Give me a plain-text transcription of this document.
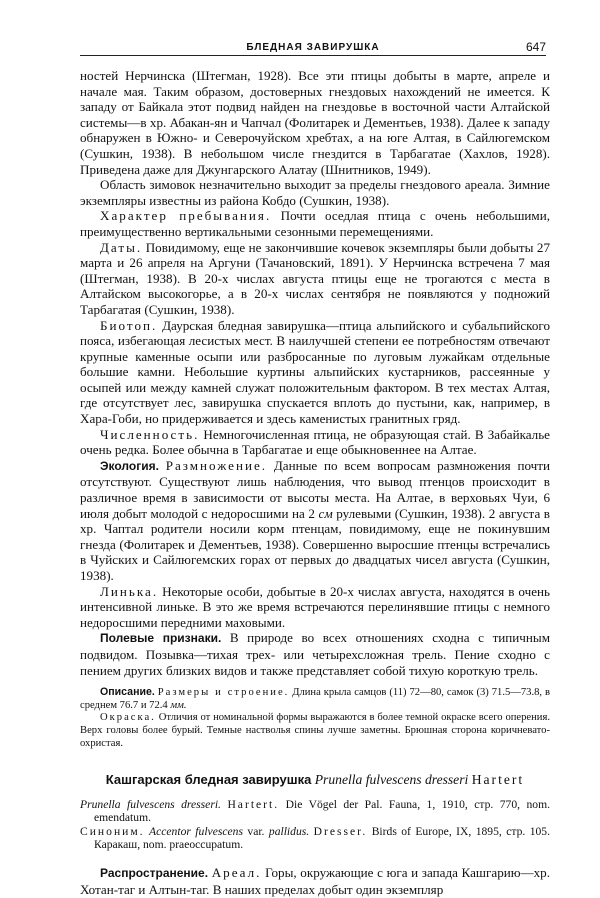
БЛЕДНАЯ ЗАВИРУШКА	647

ностей Нерчинска (Штегман, 1928). Все эти птицы добыты в марте, апреле и начале мая. Таким образом, достоверных гнездовых нахождений не имеется. К западу от Байкала этот подвид найден на гнездовье в восточной части Алтайской системы—в хр. Абакан-ян и Чапчал (Фолитарек и Дементьев, 1938). Далее к западу обнаружен в Южно- и Северочуйском хребтах, а на юге Алтая, в Сайлюгемском (Сушкин, 1938). В небольшом числе гнездится в Тарбагатае (Хахлов, 1928). Приведена даже для Джунгарского Алатау (Шнитников, 1949).

Область зимовок незначительно выходит за пределы гнездового ареала. Зимние экземпляры известны из района Кобдо (Сушкин, 1938).

Характер пребывания. Почти оседлая птица с очень небольшими, преимущественно вертикальными сезонными перемещениями.

Даты. Повидимому, еще не закончившие кочевок экземпляры были добыты 27 марта и 26 апреля на Аргуни (Тачановский, 1891). У Нерчинска встречена 7 мая (Штегман, 1938). В 20-х числах августа птицы еще не трогаются с места в Алтайском высокогорье, а в 20-х числах сентября не появляются у подножий Тарбагатая (Сушкин, 1938).

Биотоп. Даурская бледная завирушка—птица альпийского и субальпийского пояса, избегающая лесистых мест. В наилучшей степени ее потребностям отвечают крупные каменные осыпи или разбросанные по луговым лужайкам отдельные большие камни. Небольшие куртины альпийских кустарников, рассеянные у осыпей или между камней служат положительным фактором. В тех местах Алтая, где отсутствует лес, завирушка спускается вплоть до пустыни, как, например, в Хара-Гоби, но придерживается и здесь каменистых гранитных гряд.

Численность. Немногочисленная птица, не образующая стай. В Забайкалье очень редка. Более обычна в Тарбагатае и еще обыкновеннее на Алтае.

Экология. Размножение. Данные по всем вопросам размножения почти отсутствуют. Существуют лишь наблюдения, что вывод птенцов происходит в различное время в зависимости от высоты места. На Алтае, в верховьях Чуи, 6 июля добыт молодой с недоросшими на 2 см рулевыми (Сушкин, 1938). 2 августа в хр. Чаптал родители носили корм птенцам, повидимому, еще не покинувшим гнезда (Фолитарек и Дементьев, 1938). Совершенно выросшие птенцы встречались в Чуйских и Сайлюгемских горах от первых до двадцатых чисел августа (Сушкин, 1938).

Линька. Некоторые особи, добытые в 20-х числах августа, находятся в очень интенсивной линьке. В это же время встречаются перелинявшие птицы с немного недоросшими передними маховыми.

Полевые признаки. В природе во всех отношениях сходна с типичным подвидом. Позывка—тихая трех- или четырехсложная трель. Пение сходно с пением других близких видов и также представляет собой тихую короткую трель.

Описание. Размеры и строение. Длина крыла самцов (11) 72—80, самок (3) 71.5—73.8, в среднем 76.7 и 72.4 мм.

Окраска. Отличия от номинальной формы выражаются в более темной окраске всего оперения. Верх головы более бурый. Темные настволья спины лучше заметны. Брюшная сторона коричневато-охристая.

Кашгарская бледная завирушка Prunella fulvescens dresseri Hartert

Prunella fulvescens dresseri. Hartert. Die Vögel der Pal. Fauna, 1, 1910, стр. 770, nom. emendatum.

Синоним. Accentor fulvescens var. pallidus. Dresser. Birds of Europe, IX, 1895, стр. 105. Каракаш, nom. praeoccupatum.

Распространение. Ареал. Горы, окружающие с юга и запада Кашгарию—хр. Хотан-таг и Алтын-таг. В наших пределах добыт один экземпляр
